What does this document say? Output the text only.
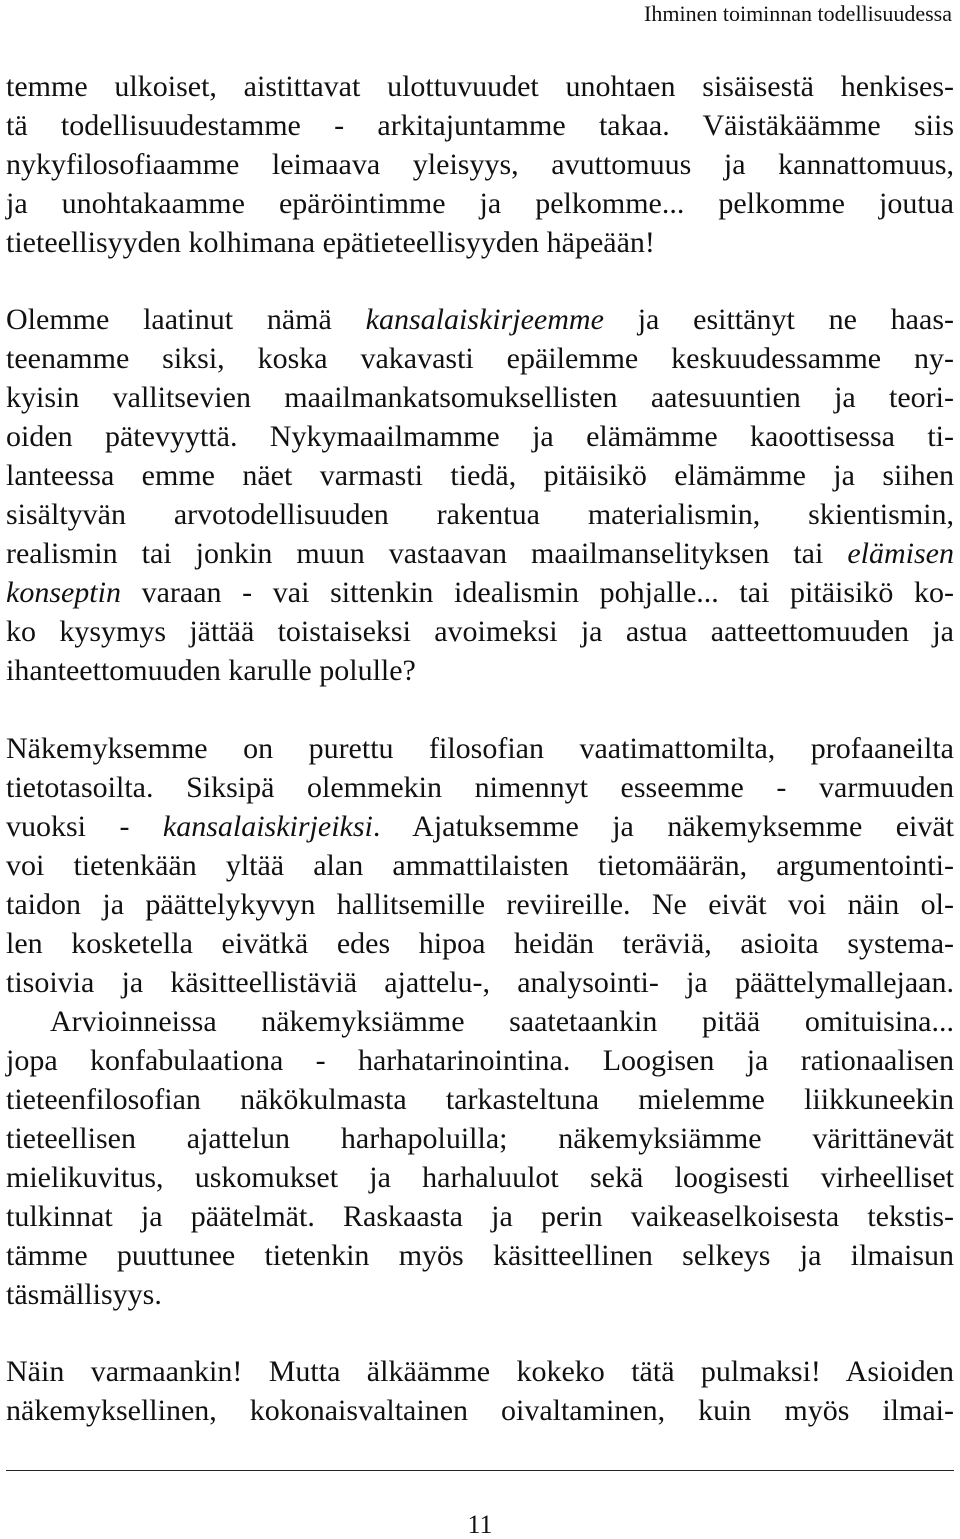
Ihminen toiminnan todellisuudessa
temme ulkoiset, aistittavat ulottuvuudet unohtaen sisäisestä henkises-
tä todellisuudestamme - arkitajuntamme takaa. Väistäkäämme siis
nykyfilosofiaamme leimaava yleisyys, avuttomuus ja kannattomuus,
ja unohtakaamme epäröintimme ja pelkomme... pelkomme joutua
tieteellisyyden kolhimana epätieteellisyyden häpeään!
Olemme laatinut nämä kansalaiskirjeemme ja esittänyt ne haas-
teenamme siksi, koska vakavasti epäilemme keskuudessamme ny-
kyisin vallitsevien maailmankatsomuksellisten aatesuuntien ja teori-
oiden pätevyyttä. Nykymaailmamme ja elämämme kaoottisessa ti-
lanteessa emme näet varmasti tiedä, pitäisikö elämämme ja siihen
sisältyvän arvotodellisuuden rakentua materialismin, skientismin,
realismin tai jonkin muun vastaavan maailmanselityksen tai elämisen
konseptin varaan - vai sittenkin idealismin pohjalle... tai pitäisikö ko-
ko kysymys jättää toistaiseksi avoimeksi ja astua aatteettomuuden ja
ihanteettomuuden karulle polulle?
Näkemyksemme on purettu filosofian vaatimattomilta, profaaneilta
tietotasoilta. Siksipä olemmekin nimennyt esseemme - varmuuden
vuoksi - kansalaiskirjeiksi. Ajatuksemme ja näkemyksemme eivät
voi tietenkään yltää alan ammattilaisten tietomäärän, argumentointi-
taidon ja päättelykyvyn hallitsemille reviireille. Ne eivät voi näin ol-
len kosketella eivätkä edes hipoa heidän teräviä, asioita systema-
tisoivia ja käsitteellistäviä ajattelu-, analysointi- ja päättelymallejaan.
Arvioinneissa näkemyksiämme saatetaankin pitää omituisina...
jopa konfabulaationa - harhatarinointina. Loogisen ja rationaalisen
tieteenfilosofian näkökulmasta tarkasteltuna mielemme liikkuneekin
tieteellisen ajattelun harhapoluilla; näkemyksiämme värittänevät
mielikuvitus, uskomukset ja harhaluulot sekä loogisesti virheelliset
tulkinnat ja päätelmät. Raskaasta ja perin vaikeaselkoisesta tekstis-
tämme puuttunee tietenkin myös käsitteellinen selkeys ja ilmaisun
täsmällisyys.
Näin varmaankin! Mutta älkäämme kokeko tätä pulmaksi! Asioiden
näkemyksellinen, kokonaisvaltainen oivaltaminen, kuin myös ilmai-
11
